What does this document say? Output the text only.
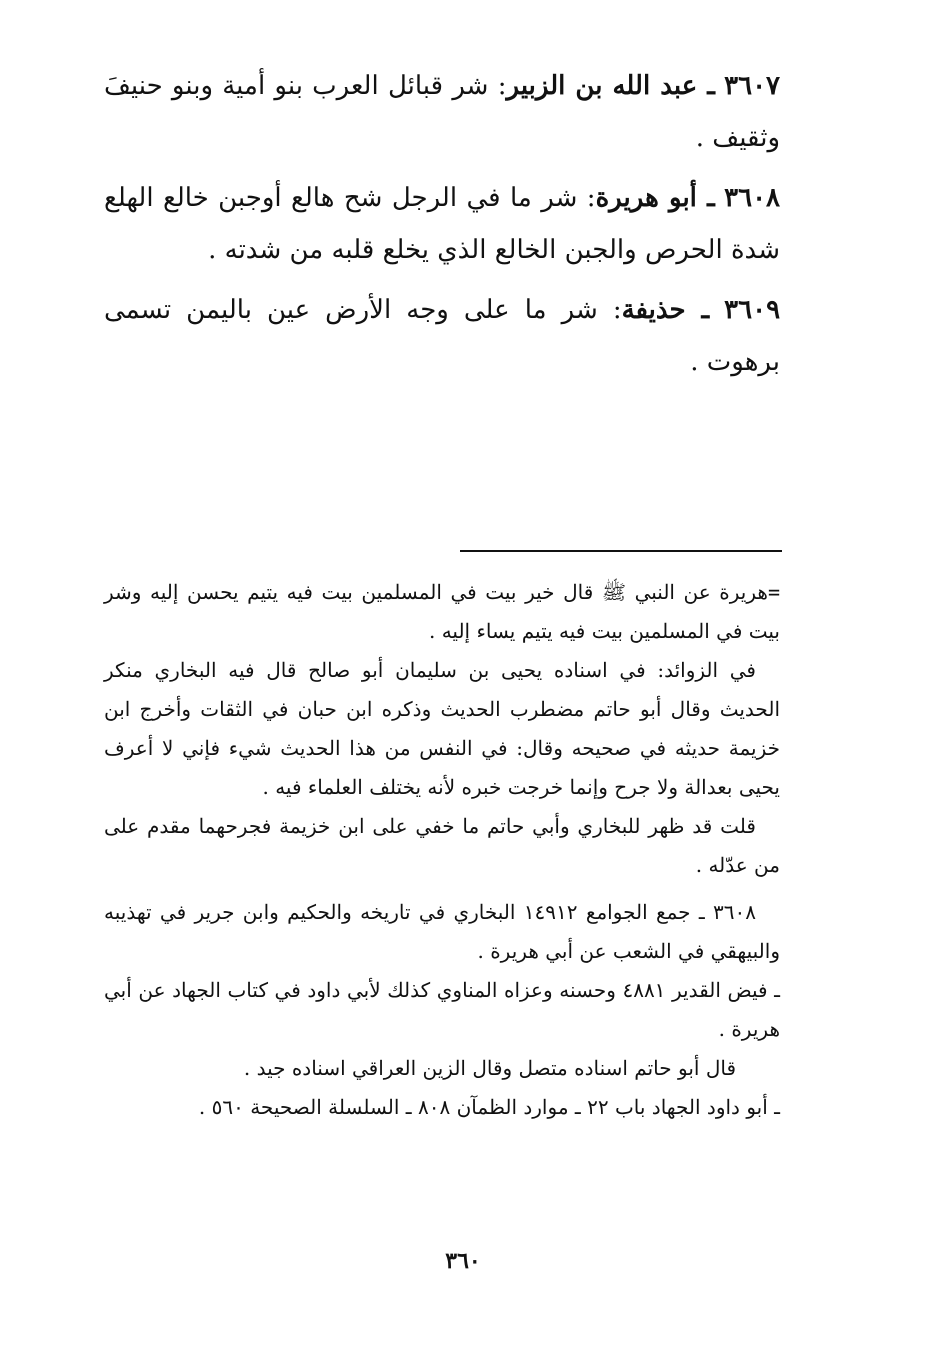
٣٦٠٧ ـ عبد الله بن الزبير: شر قبائل العرب بنو أمية وبنو حنيفَ وثقيف .

٣٦٠٨ ـ أبو هريرة: شر ما في الرجل شح هالع أوجبن خالع الهلع شدة الحرص والجبن الخالع الذي يخلع قلبه من شدته .

٣٦٠٩ ـ حذيفة: شر ما على وجه الأرض عين باليمن تسمى برهوت .

=هريرة عن النبي ﷺ قال خير بيت في المسلمين بيت فيه يتيم يحسن إليه وشر بيت في المسلمين بيت فيه يتيم يساء إليه .

في الزوائد: في اسناده يحيى بن سليمان أبو صالح قال فيه البخاري منكر الحديث وقال أبو حاتم مضطرب الحديث وذكره ابن حبان في الثقات وأخرج ابن خزيمة حديثه في صحيحه وقال: في النفس من هذا الحديث شيء فإني لا أعرف يحيى بعدالة ولا جرح وإنما خرجت خبره لأنه يختلف العلماء فيه .

قلت قد ظهر للبخاري وأبي حاتم ما خفي على ابن خزيمة فجرحهما مقدم على من عدّله .

٣٦٠٨ ـ جمع الجوامع ١٤٩١٢ البخاري في تاريخه والحكيم وابن جرير في تهذيبه والبيهقي في الشعب عن أبي هريرة .

ـ فيض القدير ٤٨٨١ وحسنه وعزاه المناوي كذلك لأبي داود في كتاب الجهاد عن أبي هريرة .

قال أبو حاتم اسناده متصل وقال الزين العراقي اسناده جيد .

ـ أبو داود الجهاد باب ٢٢ ـ موارد الظمآن ٨٠٨ ـ السلسلة الصحيحة ٥٦٠ .

٣٦٠
